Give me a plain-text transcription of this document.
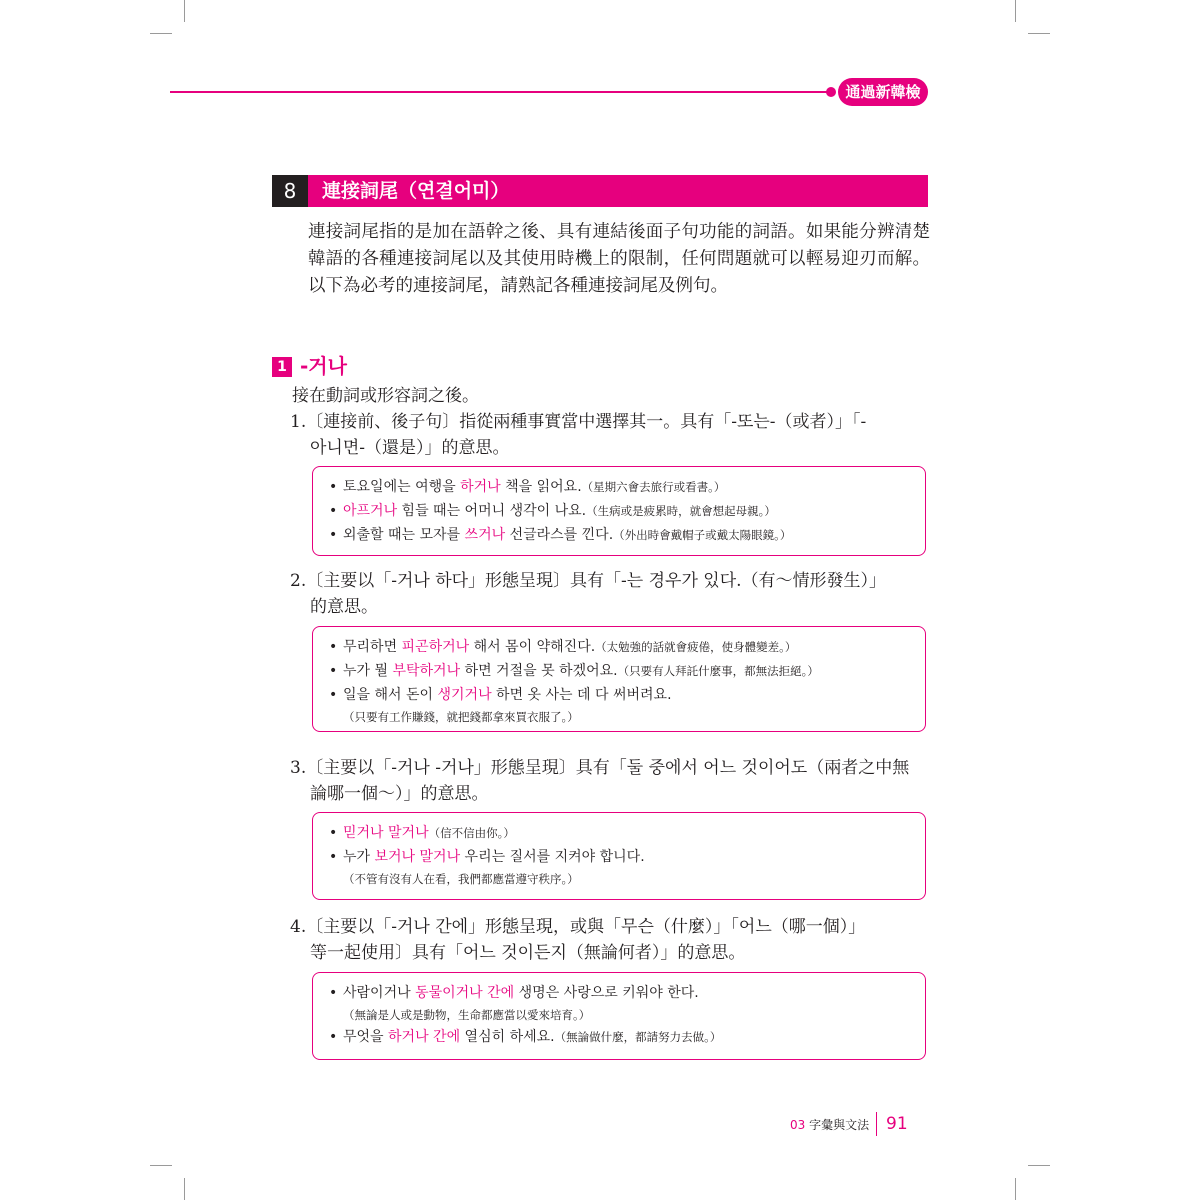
通過新韓檢
8	連接詞尾（연결어미）
連接詞尾指的是加在語幹之後、具有連結後面子句功能的詞語。如果能分辨清楚韓語的各種連接詞尾以及其使用時機上的限制，任何問題就可以輕易迎刃而解。以下為必考的連接詞尾，請熟記各種連接詞尾及例句。
1 -거나
接在動詞或形容詞之後。
1.〔連接前、後子句〕指從兩種事實當中選擇其一。具有「-또는-（或者）」「-
아니면-（還是）」的意思。
• 토요일에는 여행을 하거나 책을 읽어요.（星期六會去旅行或看書。）
• 아프거나 힘들 때는 어머니 생각이 나요.（生病或是疲累時，就會想起母親。）
• 외출할 때는 모자를 쓰거나 선글라스를 낀다.（外出時會戴帽子或戴太陽眼鏡。）
2.〔主要以「-거나 하다」形態呈現〕具有「-는 경우가 있다.（有～情形發生）」
的意思。
• 무리하면 피곤하거나 해서 몸이 약해진다.（太勉強的話就會疲倦，使身體變差。）
• 누가 뭘 부탁하거나 하면 거절을 못 하겠어요.（只要有人拜託什麼事，都無法拒絕。）
• 일을 해서 돈이 생기거나 하면 옷 사는 데 다 써버려요.
（只要有工作賺錢，就把錢都拿來買衣服了。）
3.〔主要以「-거나 -거나」形態呈現〕具有「둘 중에서 어느 것이어도（兩者之中無
論哪一個～）」的意思。
• 믿거나 말거나（信不信由你。）
• 누가 보거나 말거나 우리는 질서를 지켜야 합니다.
（不管有沒有人在看，我們都應當遵守秩序。）
4.〔主要以「-거나 간에」形態呈現，或與「무슨（什麼）」「어느（哪一個）」
等一起使用〕具有「어느 것이든지（無論何者）」的意思。
• 사람이거나 동물이거나 간에 생명은 사랑으로 키워야 한다.
（無論是人或是動物，生命都應當以愛來培育。）
• 무엇을 하거나 간에 열심히 하세요.（無論做什麼，都請努力去做。）
03 字彙與文法 91
